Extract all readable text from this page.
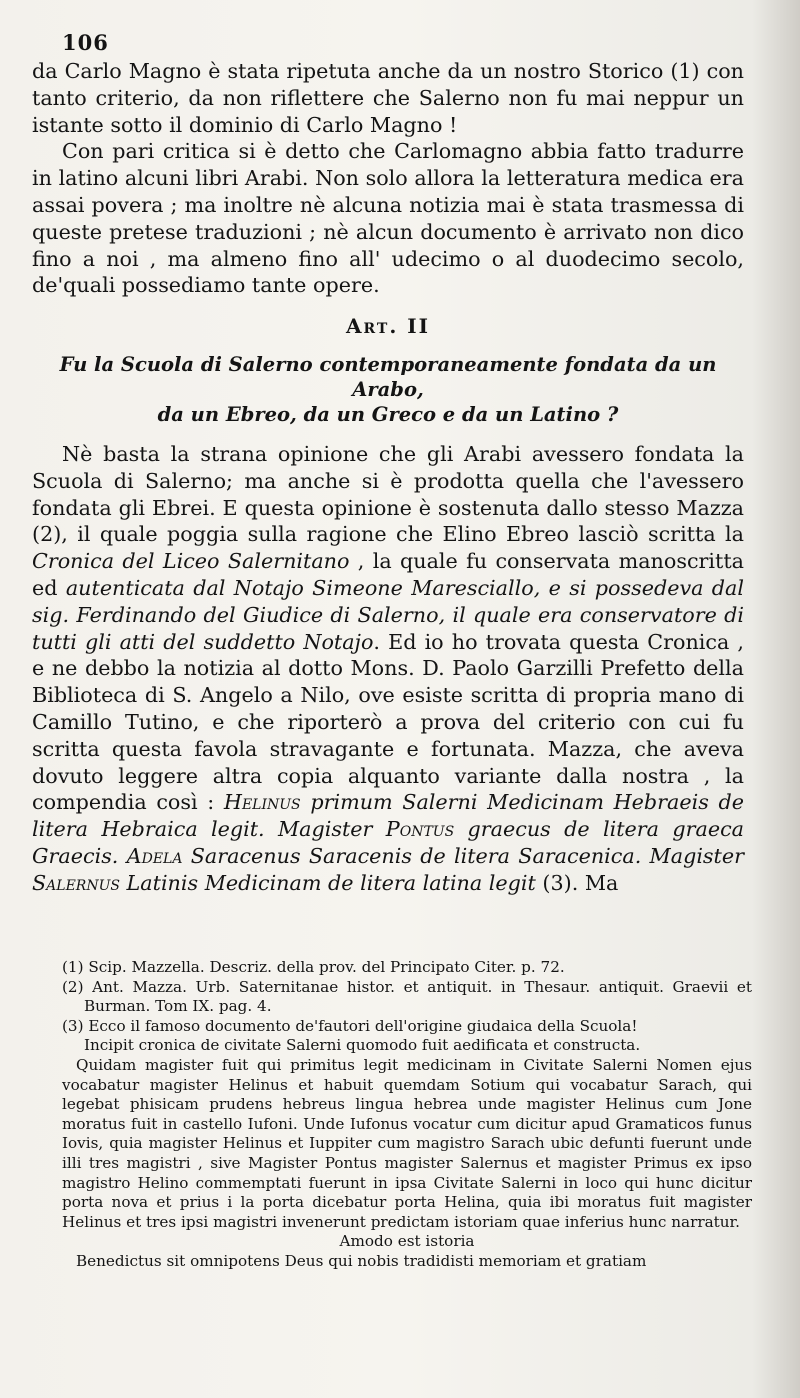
106

da Carlo Magno è stata ripetuta anche da un nostro Storico (1) con tanto criterio, da non riflettere che Salerno non fu mai neppur un istante sotto il dominio di Carlo Magno !

Con pari critica si è detto che Carlomagno abbia fatto tradurre in latino alcuni libri Arabi. Non solo allora la letteratura medica era assai povera ; ma inoltre nè alcuna notizia mai è stata trasmessa di queste pretese traduzioni ; nè alcun documento è arrivato non dico fino a noi , ma almeno fino all' udecimo o al duodecimo secolo, de'quali possediamo tante opere.

Art. II
Fu la Scuola di Salerno contemporaneamente fondata da un Arabo,
da un Ebreo, da un Greco e da un Latino ?

Nè basta la strana opinione che gli Arabi avessero fondata la Scuola di Salerno; ma anche si è prodotta quella che l'avessero fondata gli Ebrei. E questa opinione è sostenuta dallo stesso Mazza (2), il quale poggia sulla ragione che Elino Ebreo lasciò scritta la Cronica del Liceo Salernitano , la quale fu conservata manoscritta ed autenticata dal Notajo Simeone Maresciallo, e si possedeva dal sig. Ferdinando del Giudice di Salerno, il quale era conservatore di tutti gli atti del suddetto Notajo. Ed io ho trovata questa Cronica , e ne debbo la notizia al dotto Mons. D. Paolo Garzilli Prefetto della Biblioteca di S. Angelo a Nilo, ove esiste scritta di propria mano di Camillo Tutino, e che riporterò a prova del criterio con cui fu scritta questa favola stravagante e fortunata. Mazza, che aveva dovuto leggere altra copia alquanto variante dalla nostra , la compendia così : Helinus primum Salerni Medicinam Hebraeis de litera Hebraica legit. Magister Pontus graecus de litera graeca Graecis. Adela Saracenus Saracenis de litera Saracenica. Magister Salernus Latinis Medicinam de litera latina legit (3). Ma

(1) Scip. Mazzella. Descriz. della prov. del Principato Citer. p. 72.

(2) Ant. Mazza. Urb. Saternitanae histor. et antiquit. in Thesaur. antiquit. Graevii et Burman. Tom IX. pag. 4.

(3) Ecco il famoso documento de'fautori dell'origine giudaica della Scuola!

Incipit cronica de civitate Salerni quomodo fuit aedificata et constructa.

Quidam magister fuit qui primitus legit medicinam in Civitate Salerni Nomen ejus vocabatur magister Helinus et habuit quemdam Sotium qui vocabatur Sarach, qui legebat phisicam prudens hebreus lingua hebrea unde magister Helinus cum Jone moratus fuit in castello Iufoni. Unde Iufonus vocatur cum dicitur apud Gramaticos funus Iovis, quia magister Helinus et Iuppiter cum magistro Sarach ubic defunti fuerunt unde illi tres magistri , sive Magister Pontus magister Salernus et magister Primus ex ipso magistro Helino commemptati fuerunt in ipsa Civitate Salerni in loco qui hunc dicitur porta nova et prius i la porta dicebatur porta Helina, quia ibi moratus fuit magister Helinus et tres ipsi magistri invenerunt predictam istoriam quae inferius hunc narratur.

Amodo est istoria

Benedictus sit omnipotens Deus qui nobis tradidisti memoriam et gratiam
